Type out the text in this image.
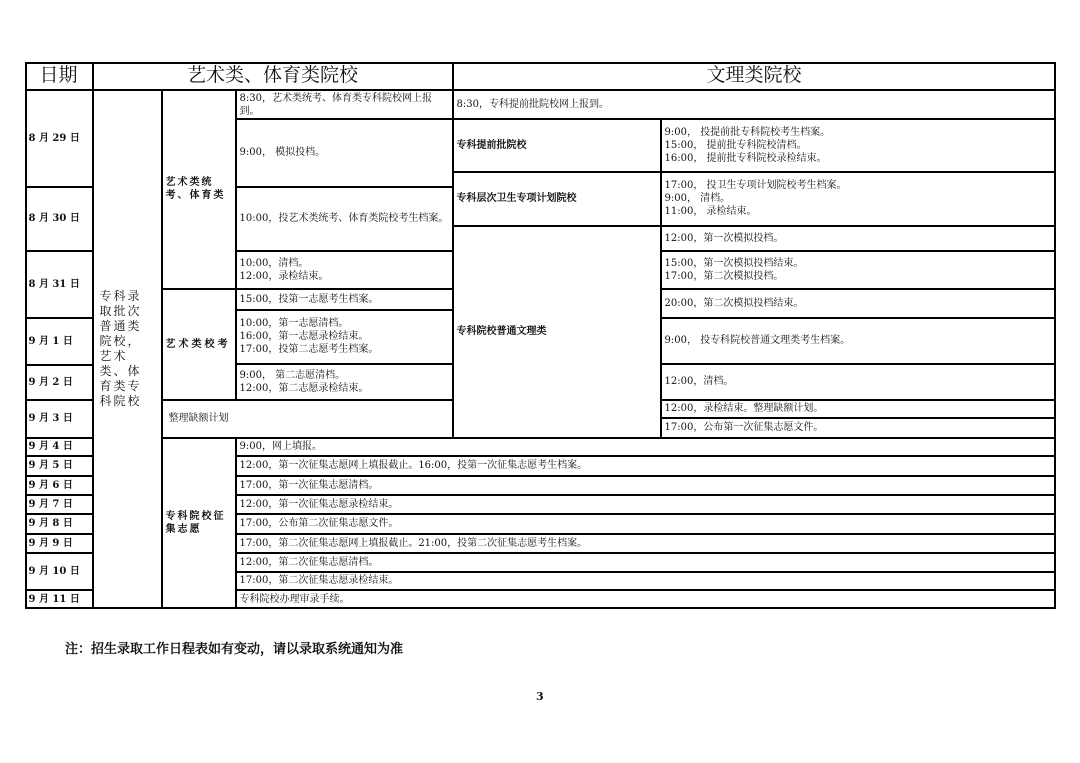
日期	艺术类、体育类院校	文理类院校
8 月 29 日
8 月 30 日
8 月 31 日
9 月 1 日
9 月 2 日
9 月 3 日
9 月 4 日
9 月 5 日
9 月 6 日
9 月 7 日
9 月 8 日
9 月 9 日
9 月 10 日
9 月 11 日
专科录取批次普通类院校，艺术类、体育类专科院校
艺术类统考、体育类
艺术类校考
整理缺额计划
专科院校征集志愿
8:30，艺术类统考、体育类专科院校网上报到。
9:00， 模拟投档。
10:00，投艺术类统考、体育类院校考生档案。
10:00，清档。
12:00，录检结束。
15:00，投第一志愿考生档案。
10:00，第一志愿清档。
16:00，第一志愿录检结束。
17:00，投第二志愿考生档案。
9:00， 第二志愿清档。
12:00，第二志愿录检结束。
8:30，专科提前批院校网上报到。
专科提前批院校
9:00， 投提前批专科院校考生档案。
15:00， 提前批专科院校清档。
16:00， 提前批专科院校录检结束。
专科层次卫生专项计划院校
17:00， 投卫生专项计划院校考生档案。
9:00， 清档。
11:00， 录检结束。
专科院校普通文理类
12:00，第一次模拟投档。
15:00，第一次模拟投档结束。
17:00，第二次模拟投档。
20:00，第二次模拟投档结束。
9:00， 投专科院校普通文理类考生档案。
12:00，清档。
12:00，录检结束。整理缺额计划。
17:00，公布第一次征集志愿文件。
9:00，网上填报。
12:00，第一次征集志愿网上填报截止。16:00，投第一次征集志愿考生档案。
17:00，第一次征集志愿清档。
12:00，第一次征集志愿录检结束。
17:00，公布第二次征集志愿文件。
17:00，第二次征集志愿网上填报截止。21:00，投第二次征集志愿考生档案。
12:00，第二次征集志愿清档。
17:00，第二次征集志愿录检结束。
专科院校办理审录手续。
注：招生录取工作日程表如有变动，请以录取系统通知为准
3
